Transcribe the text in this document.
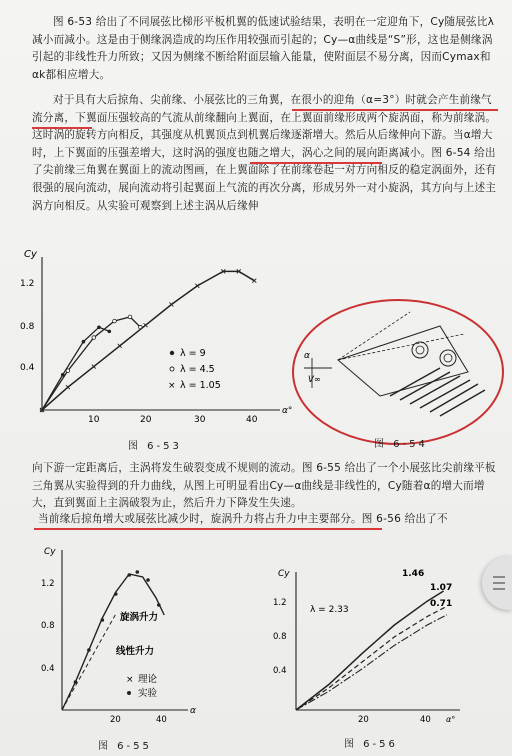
图 6-53 给出了不同展弦比梯形平板机翼的低速试验结果，表明在一定迎角下，Cy随展弦比λ减小而减小。这是由于侧缘涡造成的均压作用较强而引起的；Cy—α曲线是“S”形，这也是侧缘涡引起的非线性升力所致；又因为侧缘不断给附面层输入能量，使附面层不易分离，因而Cymax和αk都相应增大。
对于具有大后掠角、尖前缘、小展弦比的三角翼，在很小的迎角（α=3°）时就会产生前缘气流分离，下翼面压强较高的气流从前缘翻向上翼面，在上翼面前缘形成两个旋涡面，称为前缘涡。这时涡的旋转方向相反，其强度从机翼顶点到机翼后缘逐渐增大。然后从后缘伸向下游。当α增大时，上下翼面的压强差增大，这时涡的强度也随之增大，涡心之间的展向距离减小。图 6-54 给出了尖前缘三角翼在翼面上的流动图画，在上翼面除了在前缘卷起一对方向相反的稳定涡面外，还有很强的展向流动，展向流动将引起翼面上气流的再次分离，形成另外一对小旋涡，其方向与上述主涡方向相反。从实验可观察到上述主涡从后缘伸
Cy
α°
0.4
0.8
1.2
10	20	30	40
λ = 9
λ = 4.5
× λ = 1.05
图 6-53
α
V∞
图 6-54
向下游一定距离后，主涡将发生破裂变成不规则的流动。图 6-55 给出了一个小展弦比尖前缘平板三角翼从实验得到的升力曲线，从图上可明显看出Cy—α曲线是非线性的，Cy随着α的增大而增大，直到翼面上主涡破裂为止，然后升力下降发生失速。
当前缘后掠角增大或展弦比减少时，旋涡升力将占升力中主要部分。图 6-56 给出了不
Cy
α
0.4
0.8
1.2
20	40
旋涡升力
线性升力
× 理论
实验
图 6-55
Cy
α°
0.4
0.8
1.2
20	40
1.46
1.07
0.71
λ = 2.33
图 6-56
